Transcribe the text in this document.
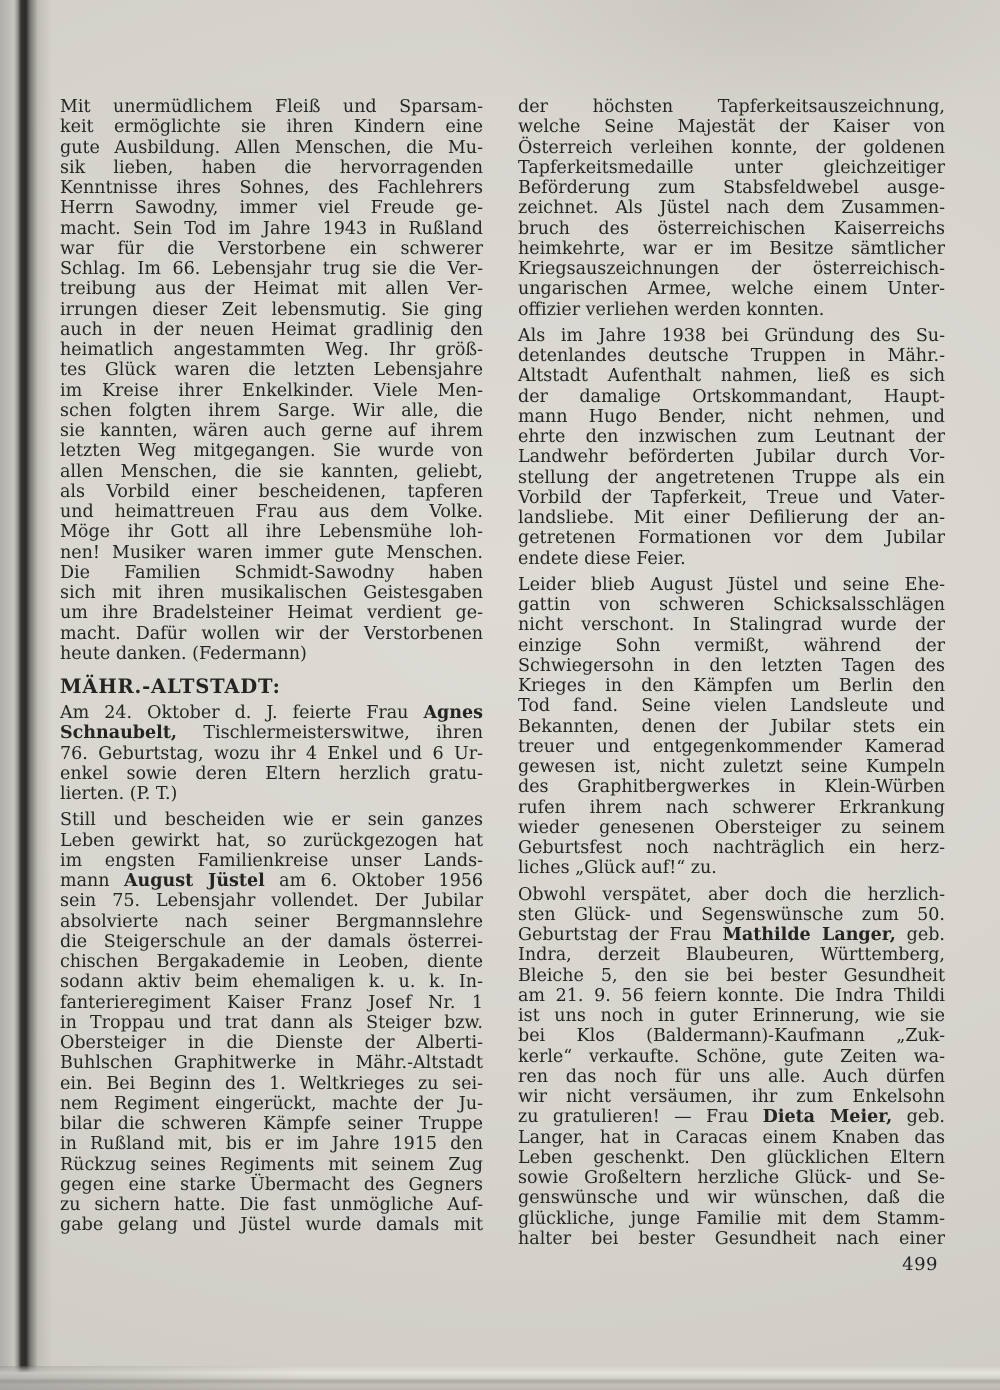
Mit unermüdlichem Fleiß und Sparsam-
keit ermöglichte sie ihren Kindern eine
gute Ausbildung. Allen Menschen, die Mu-
sik lieben, haben die hervorragenden
Kenntnisse ihres Sohnes, des Fachlehrers
Herrn Sawodny, immer viel Freude ge-
macht. Sein Tod im Jahre 1943 in Rußland
war für die Verstorbene ein schwerer
Schlag. Im 66. Lebensjahr trug sie die Ver-
treibung aus der Heimat mit allen Ver-
irrungen dieser Zeit lebensmutig. Sie ging
auch in der neuen Heimat gradlinig den
heimatlich angestammten Weg. Ihr größ-
tes Glück waren die letzten Lebensjahre
im Kreise ihrer Enkelkinder. Viele Men-
schen folgten ihrem Sarge. Wir alle, die
sie kannten, wären auch gerne auf ihrem
letzten Weg mitgegangen. Sie wurde von
allen Menschen, die sie kannten, geliebt,
als Vorbild einer bescheidenen, tapferen
und heimattreuen Frau aus dem Volke.
Möge ihr Gott all ihre Lebensmühe loh-
nen! Musiker waren immer gute Menschen.
Die Familien Schmidt-Sawodny haben
sich mit ihren musikalischen Geistesgaben
um ihre Bradelsteiner Heimat verdient ge-
macht. Dafür wollen wir der Verstorbenen
heute danken. (Federmann)
MÄHR.-ALTSTADT:
Am 24. Oktober d. J. feierte Frau Agnes
Schnaubelt, Tischlermeisterswitwe, ihren
76. Geburtstag, wozu ihr 4 Enkel und 6 Ur-
enkel sowie deren Eltern herzlich gratu-
lierten. (P. T.)
Still und bescheiden wie er sein ganzes
Leben gewirkt hat, so zurückgezogen hat
im engsten Familienkreise unser Lands-
mann August Jüstel am 6. Oktober 1956
sein 75. Lebensjahr vollendet. Der Jubilar
absolvierte nach seiner Bergmannslehre
die Steigerschule an der damals österrei-
chischen Bergakademie in Leoben, diente
sodann aktiv beim ehemaligen k. u. k. In-
fanterieregiment Kaiser Franz Josef Nr. 1
in Troppau und trat dann als Steiger bzw.
Obersteiger in die Dienste der Alberti-
Buhlschen Graphitwerke in Mähr.-Altstadt
ein. Bei Beginn des 1. Weltkrieges zu sei-
nem Regiment eingerückt, machte der Ju-
bilar die schweren Kämpfe seiner Truppe
in Rußland mit, bis er im Jahre 1915 den
Rückzug seines Regiments mit seinem Zug
gegen eine starke Übermacht des Gegners
zu sichern hatte. Die fast unmögliche Auf-
gabe gelang und Jüstel wurde damals mit
der höchsten Tapferkeitsauszeichnung,
welche Seine Majestät der Kaiser von
Österreich verleihen konnte, der goldenen
Tapferkeitsmedaille unter gleichzeitiger
Beförderung zum Stabsfeldwebel ausge-
zeichnet. Als Jüstel nach dem Zusammen-
bruch des österreichischen Kaiserreichs
heimkehrte, war er im Besitze sämtlicher
Kriegsauszeichnungen der österreichisch-
ungarischen Armee, welche einem Unter-
offizier verliehen werden konnten.
Als im Jahre 1938 bei Gründung des Su-
detenlandes deutsche Truppen in Mähr.-
Altstadt Aufenthalt nahmen, ließ es sich
der damalige Ortskommandant, Haupt-
mann Hugo Bender, nicht nehmen, und
ehrte den inzwischen zum Leutnant der
Landwehr beförderten Jubilar durch Vor-
stellung der angetretenen Truppe als ein
Vorbild der Tapferkeit, Treue und Vater-
landsliebe. Mit einer Defilierung der an-
getretenen Formationen vor dem Jubilar
endete diese Feier.
Leider blieb August Jüstel und seine Ehe-
gattin von schweren Schicksalsschlägen
nicht verschont. In Stalingrad wurde der
einzige Sohn vermißt, während der
Schwiegersohn in den letzten Tagen des
Krieges in den Kämpfen um Berlin den
Tod fand. Seine vielen Landsleute und
Bekannten, denen der Jubilar stets ein
treuer und entgegenkommender Kamerad
gewesen ist, nicht zuletzt seine Kumpeln
des Graphitbergwerkes in Klein-Würben
rufen ihrem nach schwerer Erkrankung
wieder genesenen Obersteiger zu seinem
Geburtsfest noch nachträglich ein herz-
liches „Glück auf!“ zu.
Obwohl verspätet, aber doch die herzlich-
sten Glück- und Segenswünsche zum 50.
Geburtstag der Frau Mathilde Langer, geb.
Indra, derzeit Blaubeuren, Württemberg,
Bleiche 5, den sie bei bester Gesundheit
am 21. 9. 56 feiern konnte. Die Indra Thildi
ist uns noch in guter Erinnerung, wie sie
bei Klos (Baldermann)-Kaufmann „Zuk-
kerle“ verkaufte. Schöne, gute Zeiten wa-
ren das noch für uns alle. Auch dürfen
wir nicht versäumen, ihr zum Enkelsohn
zu gratulieren! — Frau Dieta Meier, geb.
Langer, hat in Caracas einem Knaben das
Leben geschenkt. Den glücklichen Eltern
sowie Großeltern herzliche Glück- und Se-
genswünsche und wir wünschen, daß die
glückliche, junge Familie mit dem Stamm-
halter bei bester Gesundheit nach einer
499
